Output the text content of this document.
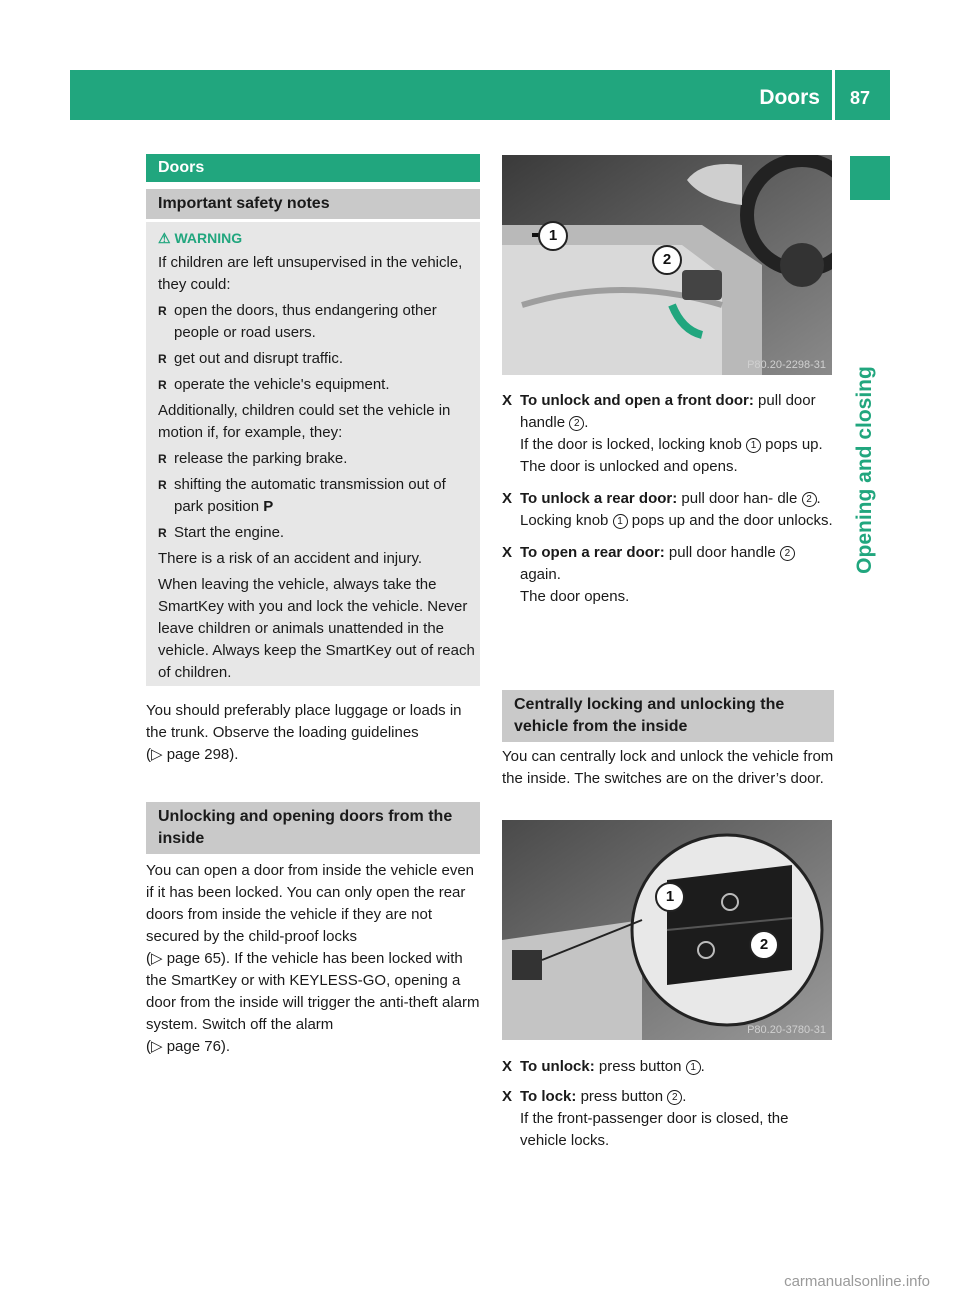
Doors 87
Opening and closing
Doors
Important safety notes
⚠ WARNING

If children are left unsupervised in the vehicle, they could:

R open the doors, thus endangering other people or road users.
R get out and disrupt traffic.
R operate the vehicle's equipment.

Additionally, children could set the vehicle in motion if, for example, they:

R release the parking brake.
R shifting the automatic transmission out of park position P
R Start the engine.

There is a risk of an accident and injury.

When leaving the vehicle, always take the SmartKey with you and lock the vehicle. Never leave children or animals unattended in the vehicle. Always keep the SmartKey out of reach of children.

You should preferably place luggage or loads in the trunk. Observe the loading guidelines
(▷ page 298).
Unlocking and opening doors from the inside
You can open a door from inside the vehicle even if it has been locked. You can only open the rear doors from inside the vehicle if they are not secured by the child-proof locks
(▷ page 65). If the vehicle has been locked with the SmartKey or with KEYLESS-GO, opening a door from the inside will trigger the anti-theft alarm system. Switch off the alarm
(▷ page 76).
1
2
P80.20-2298-31
X To unlock and open a front door: pull door handle 2 .
If the door is locked, locking knob 1 pops up. The door is unlocked and opens.
X To unlock a rear door: pull door han- dle 2 .
Locking knob 1 pops up and the door unlocks.
X To open a rear door: pull door handle 2 again.
The door opens.
Centrally locking and unlocking the vehicle from the inside
You can centrally lock and unlock the vehicle from the inside. The switches are on the driver’s door.
1
2
P80.20-3780-31
X To unlock: press button 1 .
X To lock: press button 2 .
If the front-passenger door is closed, the vehicle locks.
carmanualsonline.info
